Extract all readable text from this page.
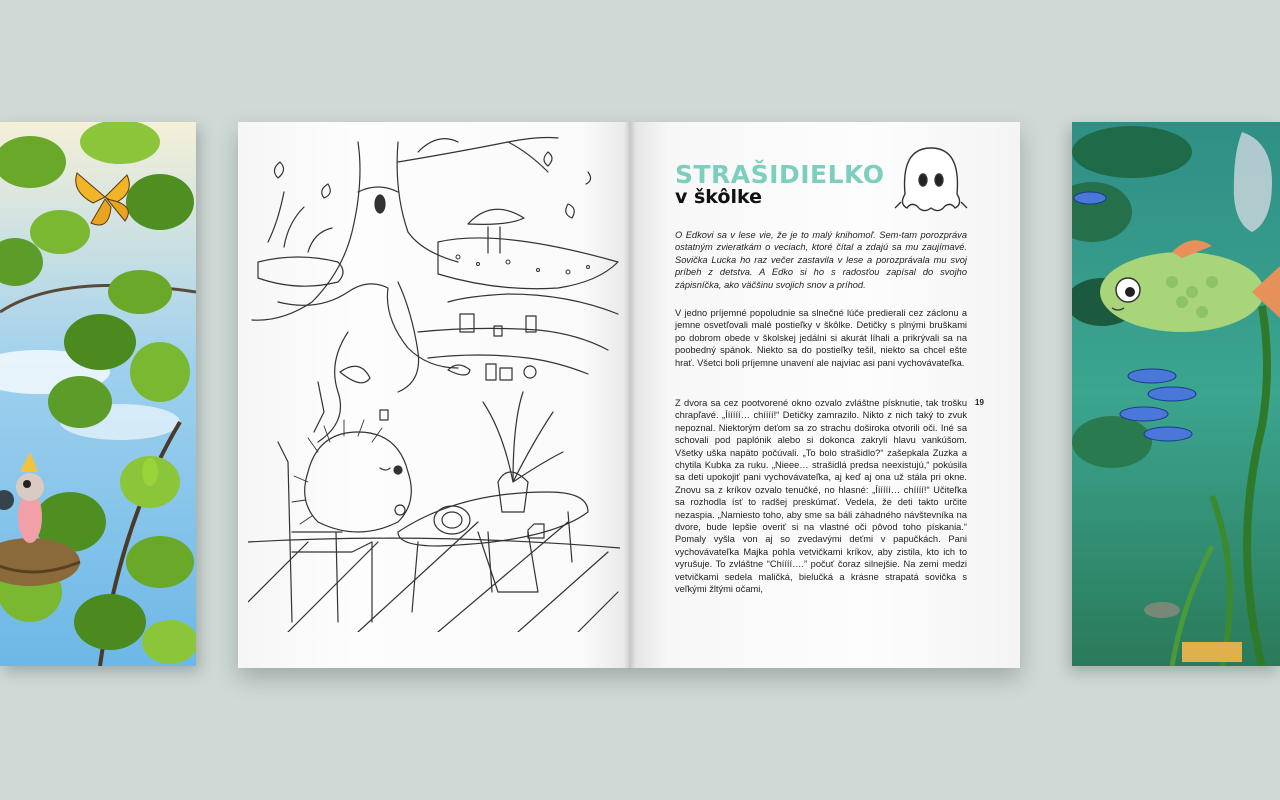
STRAŠIDIELKO
v škôlke

O Edkovi sa v lese vie, že je to malý knihomoľ. Sem-tam porozpráva ostatným zvieratkám o veciach, ktoré čítal a zdajú sa mu zaujímavé. Sovička Lucka ho raz večer zastavila v lese a porozprávala mu svoj príbeh z detstva. A Edko si ho s radosťou zapísal do svojho zápisníčka, ako väčšinu svojich snov a príhod.

V jedno príjemné popoludnie sa slnečné lúče predierali cez záclonu a jemne osvetľovali malé postieľky v škôlke. Detičky s plnými bruškami po dobrom obede v školskej jedálni si akurát líhali a prikrývali sa na poobedný spánok. Niekto sa do postieľky tešil, niekto sa chcel ešte hrať. Všetci boli príjemne unavení ale najviac asi pani vychovávateľka.

Z dvora sa cez pootvorené okno ozvalo zvláštne písknutie, tak trošku chrapľavé. „Íííííí… chíííí!“ Detičky zamrazilo. Nikto z nich taký to zvuk nepoznal. Niektorým deťom sa zo strachu doširoka otvorili oči. Iné sa schovali pod paplónik alebo si dokonca zakryli hlavu vankúšom. Všetky uška napäto počúvali. „To bolo strašidlo?“ zašepkala Zuzka a chytila Kubka za ruku. „Nieee… strašidlá predsa neexistujú,“ pokúsila sa deti upokojiť pani vychovávateľka, aj keď aj ona už stála pri okne. Znovu sa z kríkov ozvalo tenučké, no hlasné: „Íííííí… chíííí!“ Učiteľka sa rozhodla ísť to radšej preskúmať. Vedela, že deti takto určite nezaspia. „Namiesto toho, aby sme sa báli záhadného návštevníka na dvore, bude lepšie overiť si na vlastné oči pôvod toho pískania.“ Pomaly vyšla von aj so zvedavými deťmi v papučkách. Pani vychovávateľka Majka pohla vetvičkami kríkov, aby zistila, kto ich to vyrušuje. To zvláštne “Chíííí….” počuť čoraz silnejšie. Na zemi medzi vetvičkami sedela maličká, bielučká a krásne strapatá sovička s veľkými žltými očami,

19
